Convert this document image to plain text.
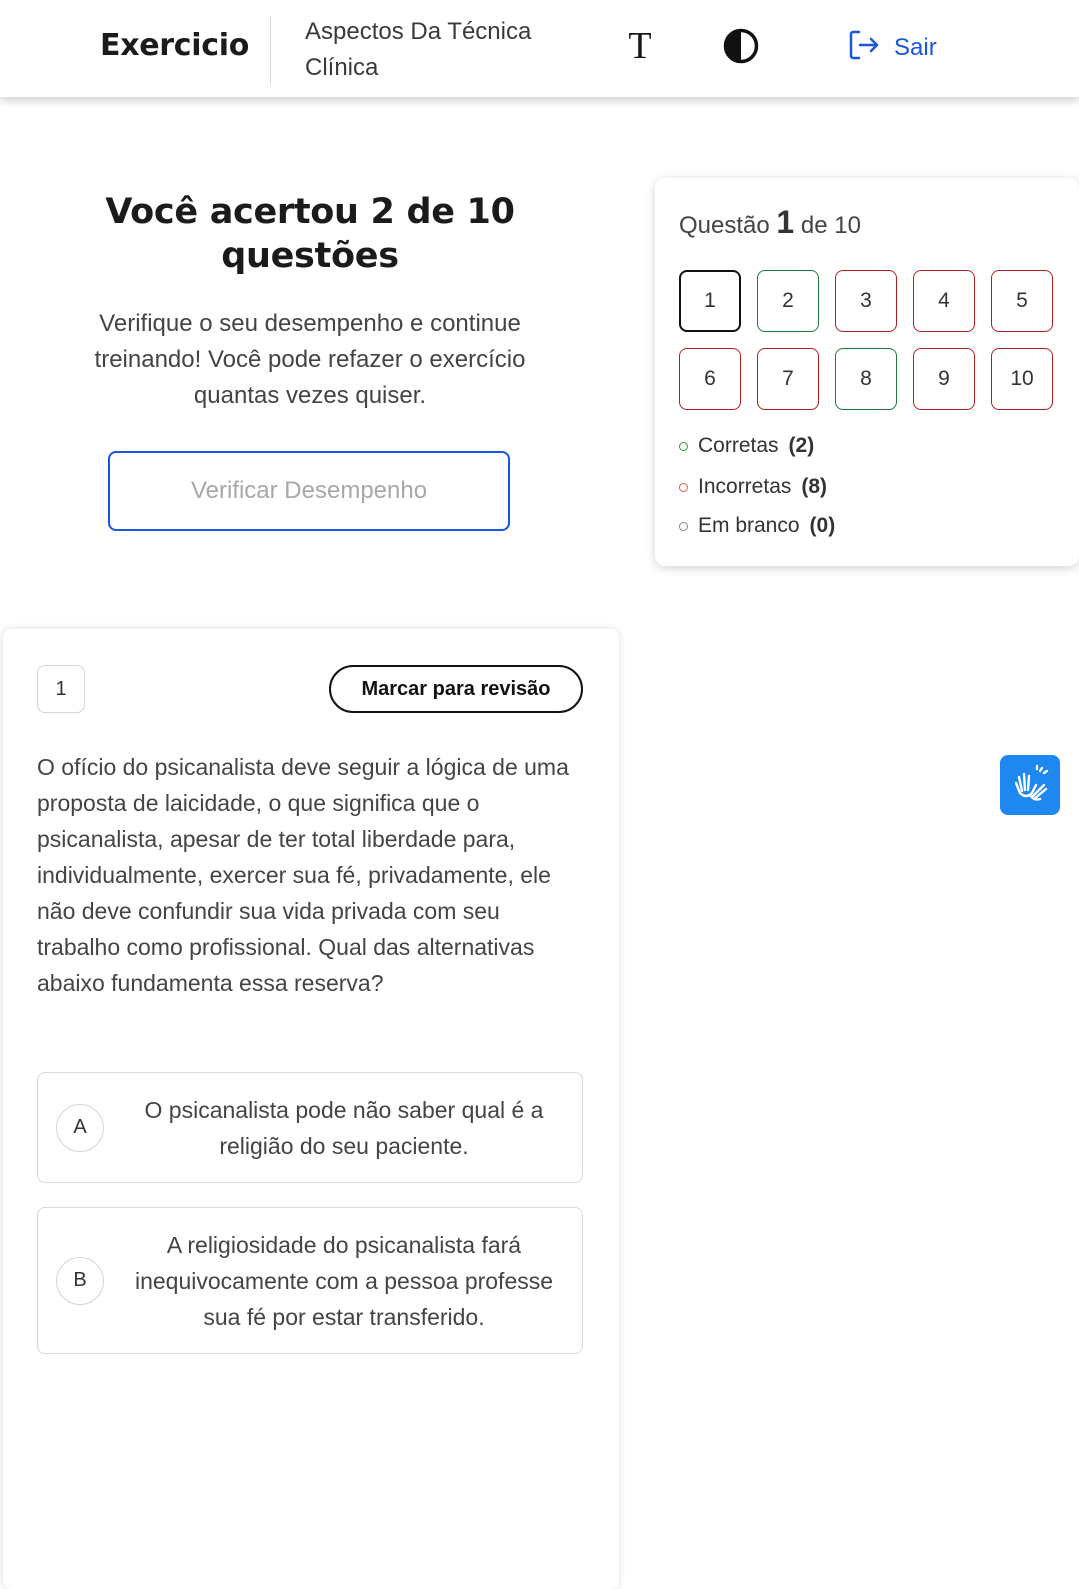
Exercicio Aspectos Da Técnica Clínica
T	Sair
Você acertou 2 de 10 questões
Verifique o seu desempenho e continue treinando! Você pode refazer o exercício quantas vezes quiser.
Verificar Desempenho
Questão 1 de 10
1	2	3	4	5
6	7	8	9	10
Corretas (2)
Incorretas (8)
Em branco (0)
1	Marcar para revisão
O ofício do psicanalista deve seguir a lógica de uma proposta de laicidade, o que significa que o psicanalista, apesar de ter total liberdade para, individualmente, exercer sua fé, privadamente, ele não deve confundir sua vida privada com seu trabalho como profissional. Qual das alternativas abaixo fundamenta essa reserva?
A
O psicanalista pode não saber qual é a religião do seu paciente.
B
A religiosidade do psicanalista fará inequivocamente com a pessoa professe sua fé por estar transferido.
